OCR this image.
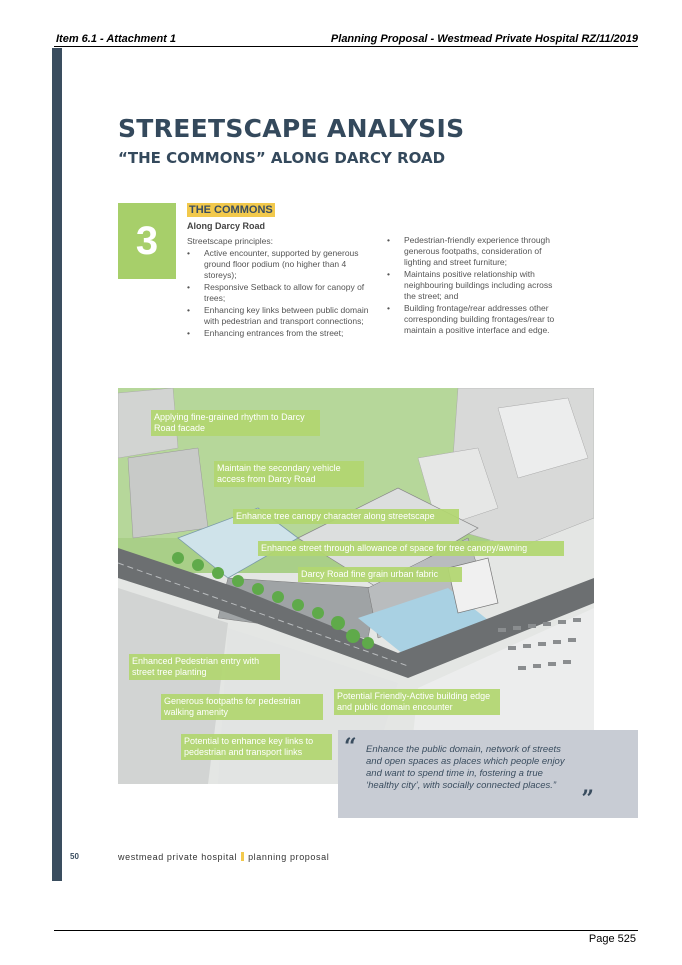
Item 6.1 - Attachment 1	Planning Proposal - Westmead Private Hospital RZ/11/2019
STREETSCAPE ANALYSIS
“THE COMMONS” ALONG DARCY ROAD
3
THE COMMONS
Along Darcy Road
Streetscape principles:
• Active encounter, supported by generous ground floor podium (no higher than 4 storeys);
• Responsive Setback to allow for canopy of trees;
• Enhancing key links between public domain with pedestrian and transport connections;
• Enhancing entrances from the street;
• Pedestrian-friendly experience through generous footpaths, consideration of lighting and street furniture;
• Maintains positive relationship with neighbouring buildings including across the street; and
• Building frontage/rear addresses other corresponding building frontages/rear to maintain a positive interface and edge.
Applying fine-grained rhythm to Darcy Road facade
Maintain the secondary vehicle access from Darcy Road
Enhance tree canopy character along streetscape
Enhance street through allowance of space for tree canopy/awning
Darcy Road fine grain urban fabric
Enhanced Pedestrian entry with street tree planting
Generous footpaths for pedestrian walking amenity
Potential Friendly-Active building edge and public domain encounter
Potential to enhance key links to pedestrian and transport links	“ Enhance the public domain, network of streets and open spaces as places which people enjoy and want to spend time in, fostering a true ‘healthy city’, with socially connected places.”
”
50	westmead private hospital planning proposal
Page 525
